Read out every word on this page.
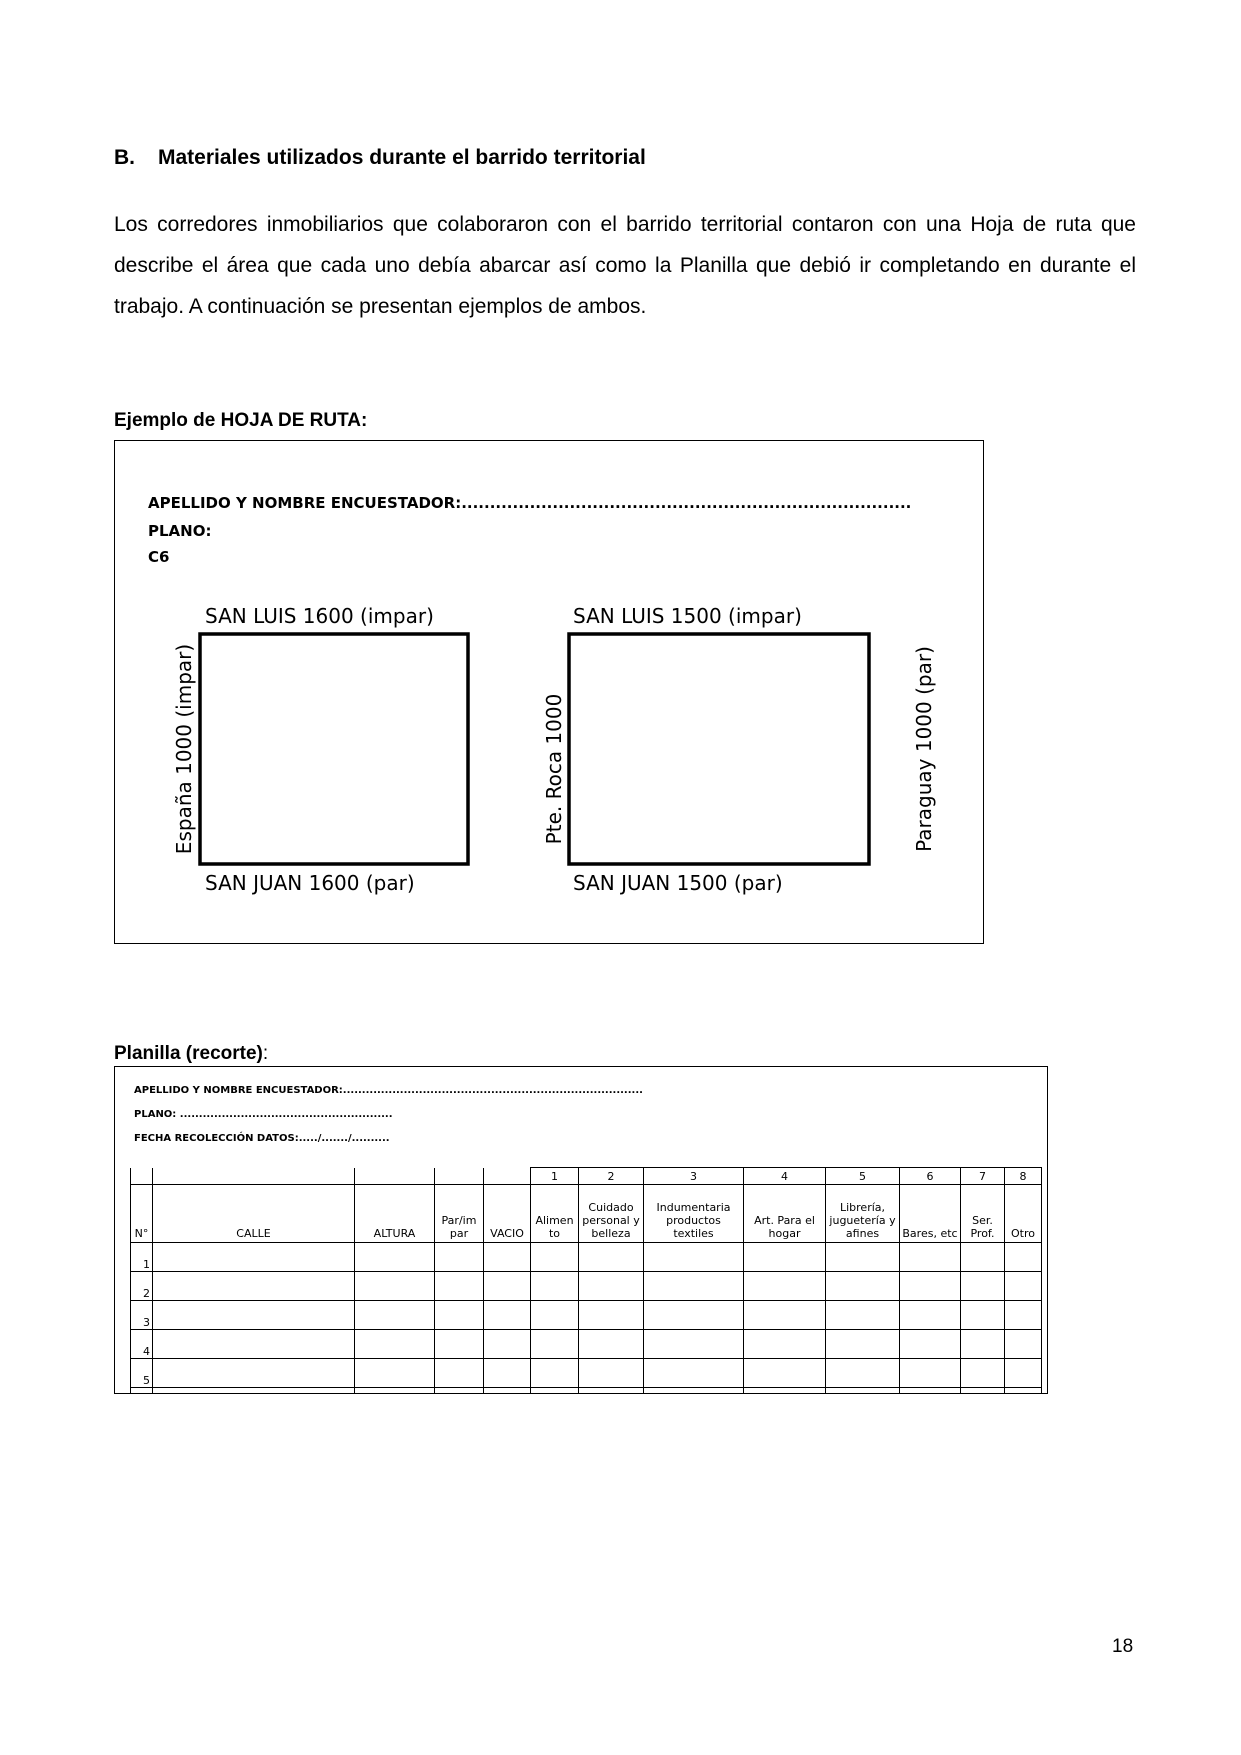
B. Materiales utilizados durante el barrido territorial
Los corredores inmobiliarios que colaboraron con el barrido territorial contaron con una Hoja de ruta que describe el área que cada uno debía abarcar así como la Planilla que debió ir completando en durante el trabajo. A continuación se presentan ejemplos de ambos.
Ejemplo de HOJA DE RUTA:
APELLIDO Y NOMBRE ENCUESTADOR:...............................................................................
PLANO:
C6
SAN LUIS 1600 (impar)
SAN JUAN 1600 (par)
España 1000 (impar)
SAN LUIS 1500 (impar)
SAN JUAN 1500 (par)
Pte. Roca 1000	Paraguay 1000 (par)
Planilla (recorte):
APELLIDO Y NOMBRE ENCUESTADOR:...............................................................................
PLANO: ........................................................
FECHA RECOLECCIÓN DATOS:...../......./..........
					1	2	3	4	5	6	7	8
N°	CALLE	ALTURA	Par/im par	VACIO	Alimen to	Cuidado personal y belleza	Indumentaria productos textiles	Art. Para el hogar	Librería, juguetería y afines	Bares, etc	Ser. Prof.	Otro
1												
2												
3												
4												
5												

18
